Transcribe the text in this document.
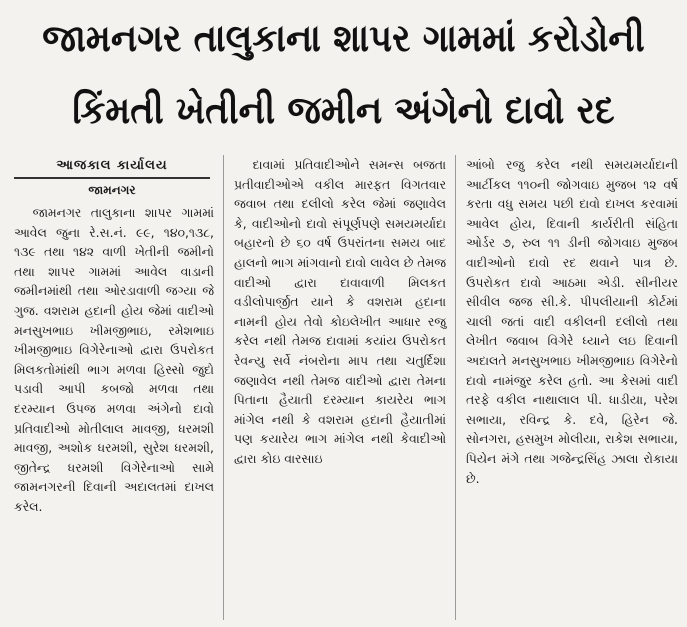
જામનગર તાલુકાના શાપર ગામમાં કરોડોની
કિંમતી ખેતીની જમીન અંગેનો દાવો રદ
આજકાલ કાર્યાલય
જામનગર

જામનગર તાલુકાના શાપર ગામમાં આવેલ જુના રે.સ.નં. ૯૯, ૧૪૦,૧૩૮, ૧૩૯ તથા ૧૪૨ વાળી ખેતીની જમીનો તથા શાપર ગામમાં આવેલ વાડાની જમીનમાંથી તથા ઓરડાવાળી જગ્યા જે ગુજ. વશરામ હદાની હોય જેમાં વાદીઓ મનસુખભાઇ ખીમજીભાઇ, રમેશભાઇ ખીમજીભાઇ વિગેરેનાઓ દ્વારા ઉપરોકત મિલકતોમાંથી ભાગ મળવા હિસ્સો જુદો પડાવી આપી કબજો મળવા તથા દરમ્યાન ઉપજ મળવા અંગેનો દાવો પ્રતિવાદીઓ મોતીલાલ માવજી, ધરમશી માવજી, અશોક ધરમશી, સુરેશ ધરમશી, જીતેન્દ્ર ધરમશી વિગેરેનાઓ સામે જામનગરની દિવાની અદાલતમાં દાખલ કરેલ.

દાવામાં પ્રતિવાદીઓને સમન્સ બજતા પ્રતીવાદીઓએ વકીલ મારફત વિગતવાર જવાબ તથા દલીલો કરેલ જેમાં જણાવેલ કે, વાદીઓનો દાવો સંપૂર્ણપણે સમયમર્યાદા બહારનો છે ૬૦ વર્ષ ઉપરાંતના સમય બાદ હાલનો ભાગ માંગવાનો દાવો લાવેલ છે તેમજ વાદીઓ દ્વારા દાવાવાળી મિલકત વડીલોપાર્જીત યાને કે વશરામ હદાના નામની હોય તેવો કોઇલેખીત આધાર રજુ કરેલ નથી તેમજ દાવામાં કયાંય ઉપરોકત રેવન્યુ સર્વે નંબરોના માપ તથા ચતુર્દિશા જણાવેલ નથી તેમજ વાદીઓ દ્વારા તેમના પિતાના હૈયાતી દરમ્યાન કાયરેય ભાગ માંગેલ નથી કે વશરામ હદાની હૈયાતીમાં પણ કયારેય ભાગ માંગેલ નથી કેવાદીઓ દ્વારા કોઇ વારસાઇ

આંબો રજુ કરેલ નથી સમયમર્યાદાની આર્ટીકલ ૧૧૦ની જોગવાઇ મુજબ ૧૨ વર્ષ કરતા વધુ સમય પછી દાવો દાખલ કરવામાં આવેલ હોય, દિવાની કાર્યરીતી સંહિતા ઓર્ડર ૭, રુલ ૧૧ ડીની જોગવાઇ મુજબ વાદીઓનો દાવો રદ થવાને પાત્ર છે. ઉપરોકત દાવો આઠમા એડી. સીનીયર સીવીલ જજ સી.કે. પીપલીયાની કોર્ટમાં ચાલી જતાં વાદી વકીલની દલીલો તથા લેખીત જવાબ વિગેરે ધ્યાને લઇ દિવાની અદાલતે મનસુખભાઇ ખીમજીભાઇ વિગેરેનો દાવો નામંજુર કરેલ હતો. આ કેસમાં વાદી તરફે વકીલ નાથાલાલ પી. ધાડીયા, પરેશ સભાયા, રવિન્દ્ર કે. દવે, હિરેન જે. સોનગરા, હસમુખ મોલીયા, રાકેશ સભાયા, પિયેન મંગે તથા ગજેન્દ્રસિંહ ઝાલા રોકાયા છે.
